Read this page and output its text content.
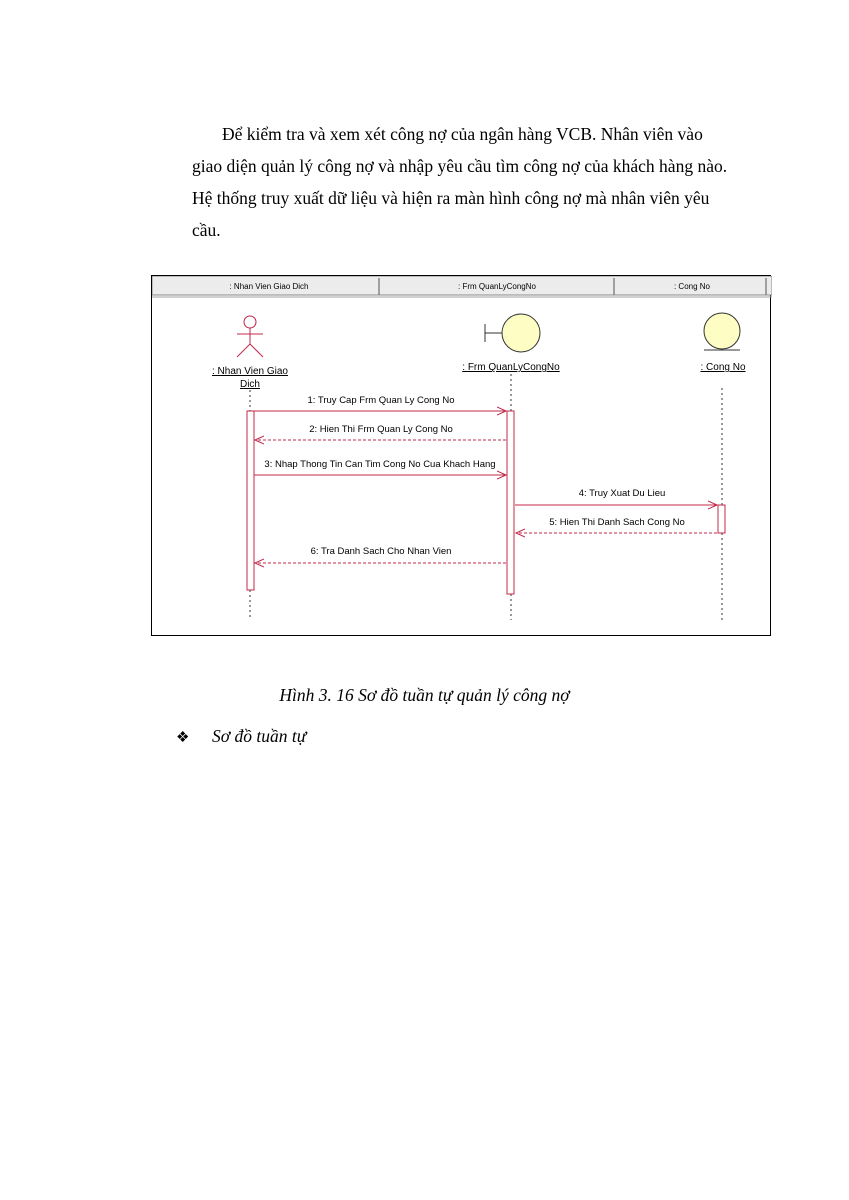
Để kiểm tra và xem xét công nợ của ngân hàng VCB. Nhân viên vào
giao diện quản lý công nợ và nhập yêu cầu tìm công nợ của khách hàng nào.
Hệ thống truy xuất dữ liệu và hiện ra màn hình công nợ mà nhân viên yêu
cầu.

: Nhan Vien Giao Dich	: Frm QuanLyCongNo	: Cong No
: Nhan Vien Giao
Dich
: Frm QuanLyCongNo	: Cong No
1: Truy Cap Frm Quan Ly Cong No
2: Hien Thi Frm Quan Ly Cong No
3: Nhap Thong Tin Can Tim Cong No Cua Khach Hang
4: Truy Xuat Du Lieu
5: Hien Thi Danh Sach Cong No
6: Tra Danh Sach Cho Nhan Vien
Hình 3. 16 Sơ đồ tuần tự quản lý công nợ
❖ Sơ đồ tuần tự
